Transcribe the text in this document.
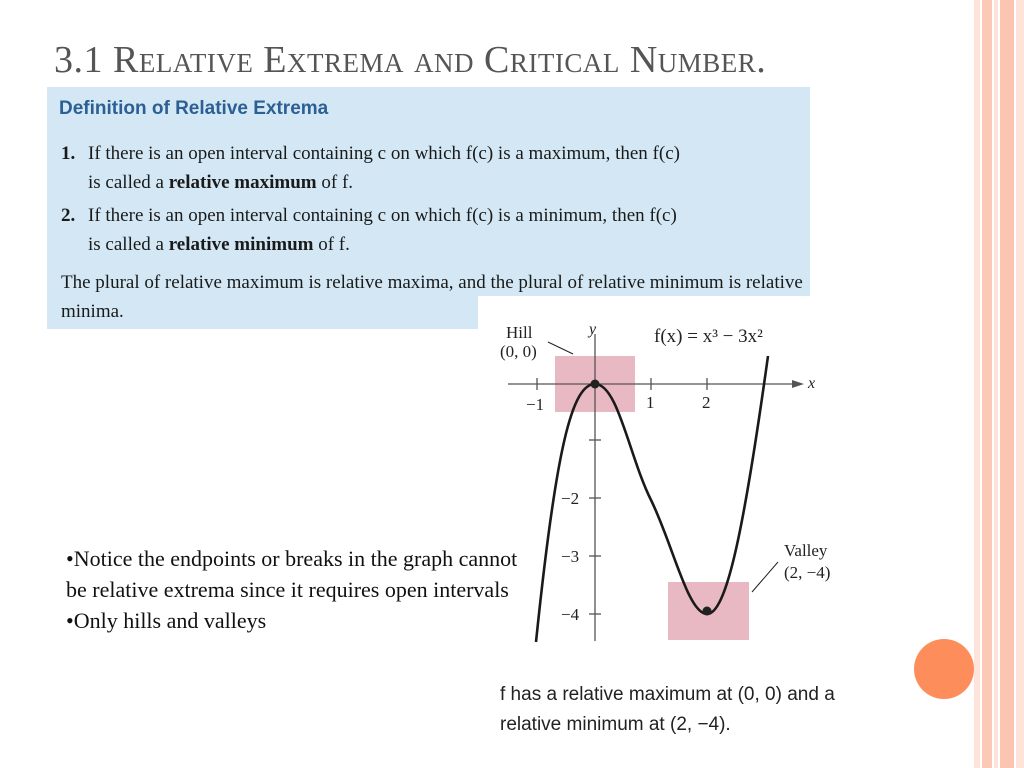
3.1 Relative Extrema and Critical Number.
Definition of Relative Extrema
1. If there is an open interval containing c on which f(c) is a maximum, then f(c)
is called a relative maximum of f.
2. If there is an open interval containing c on which f(c) is a minimum, then f(c)
is called a relative minimum of f.
The plural of relative maximum is relative maxima, and the plural of relative minimum is relative minima.
−1	1	2
−2
−3
−4
x
y	f(x) = x³ − 3x²
Hill
(0, 0)
Valley
(2, −4)
•Notice the endpoints or breaks in the graph cannot be relative extrema since it requires open intervals
•Only hills and valleys
f has a relative maximum at (0, 0) and a
relative minimum at (2, −4).
